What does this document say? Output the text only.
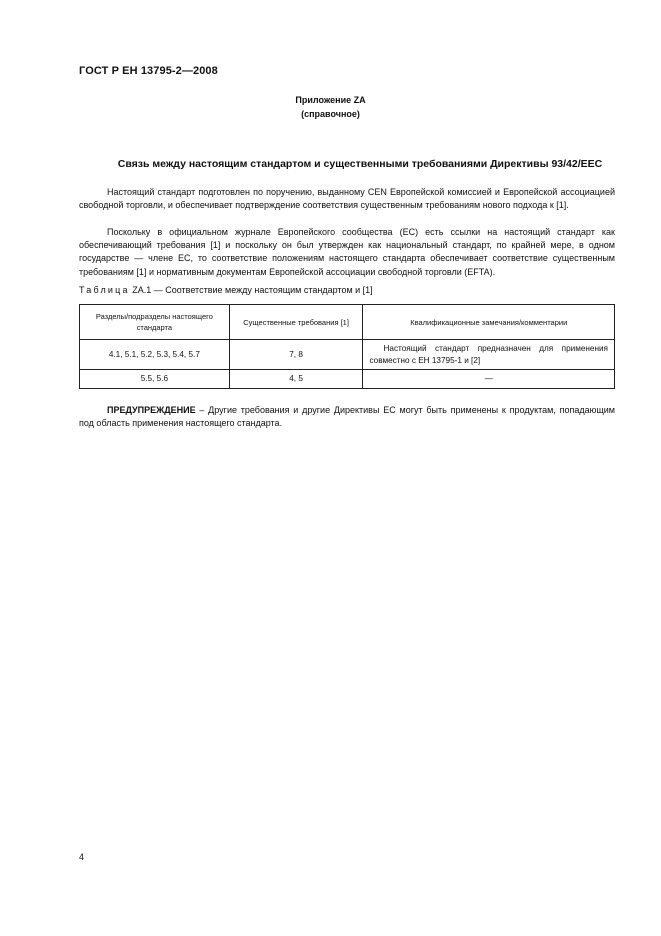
ГОСТ Р ЕН 13795-2—2008
Приложение ZA
(справочное)
Связь между настоящим стандартом и существенными требованиями Директивы 93/42/ЕЕС

Настоящий стандарт подготовлен по поручению, выданному CEN Европейской комиссией и Европейской ассоциацией свободной торговли, и обеспечивает подтверждение соответствия существенным требованиям нового подхода к [1].

Поскольку в официальном журнале Европейского сообщества (ЕС) есть ссылки на настоящий стандарт как обеспечивающий требования [1] и поскольку он был утвержден как национальный стандарт, по крайней мере, в одном государстве — члене ЕС, то соответствие положениям настоящего стандарта обеспечивает соответствие существенным требованиям [1] и нормативным документам Европейской ассоциации свободной торговли (EFTA).

Таблица ZA.1 — Соответствие между настоящим стандартом и [1]
Разделы/подразделы настоящего стандарта	Существенные требования [1]	Квалификационные замечания/комментарии
4.1, 5.1, 5.2, 5.3, 5.4, 5.7	7, 8	Настоящий стандарт предназначен для применения совместно с ЕН 13795-1 и [2]
5.5, 5.6	4, 5	—

ПРЕДУПРЕЖДЕНИЕ – Другие требования и другие Директивы ЕС могут быть применены к продуктам, попадающим под область применения настоящего стандарта.

4
